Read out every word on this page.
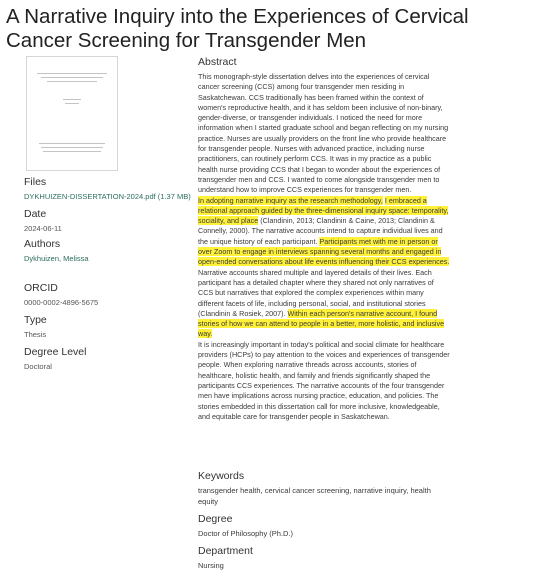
A Narrative Inquiry into the Experiences of Cervical Cancer Screening for Transgender Men
Files
DYKHUIZEN-DISSERTATION-2024.pdf (1.37 MB)
Date
2024-06-11
Authors
Dykhuizen, Melissa
ORCID
0000-0002-4896-5675
Type
Thesis
Degree Level
Doctoral
Abstract
This monograph-style dissertation delves into the experiences of cervical cancer screening (CCS) among four transgender men residing in Saskatchewan. CCS traditionally has been framed within the context of women's reproductive health, and it has seldom been inclusive of non-binary, gender-diverse, or transgender individuals. I noticed the need for more information when I started graduate school and began reflecting on my nursing practice. Nurses are usually providers on the front line who provide healthcare for transgender people. Nurses with advanced practice, including nurse practitioners, can routinely perform CCS. It was in my practice as a public health nurse providing CCS that I began to wonder about the experiences of transgender men and CCS. I wanted to come alongside transgender men to understand how to improve CCS experiences for transgender men.
In adopting narrative inquiry as the research methodology, I embraced a relational approach guided by the three-dimensional inquiry space: temporality, sociality, and place (Clandinin, 2013; Clandinin & Caine, 2013; Clandinin & Connelly, 2000). The narrative accounts intend to capture individual lives and the unique history of each participant. Participants met with me in person or over Zoom to engage in interviews spanning several months and engaged in open-ended conversations about life events influencing their CCS experiences. Narrative accounts shared multiple and layered details of their lives. Each participant has a detailed chapter where they shared not only narratives of CCS but narratives that explored the complex experiences within many different facets of life, including personal, social, and institutional stories (Clandinin & Rosiek, 2007). Within each person's narrative account, I found stories of how we can attend to people in a better, more holistic, and inclusive way.
It is increasingly important in today's political and social climate for healthcare providers (HCPs) to pay attention to the voices and experiences of transgender people. When exploring narrative threads across accounts, stories of healthcare, holistic health, and family and friends significantly shaped the participants CCS experiences. The narrative accounts of the four transgender men have implications across nursing practice, education, and policies. The stories embedded in this dissertation call for more inclusive, knowledgeable, and equitable care for transgender people in Saskatchewan.
Keywords
transgender health, cervical cancer screening, narrative inquiry, health equity
Degree
Doctor of Philosophy (Ph.D.)
Department
Nursing
